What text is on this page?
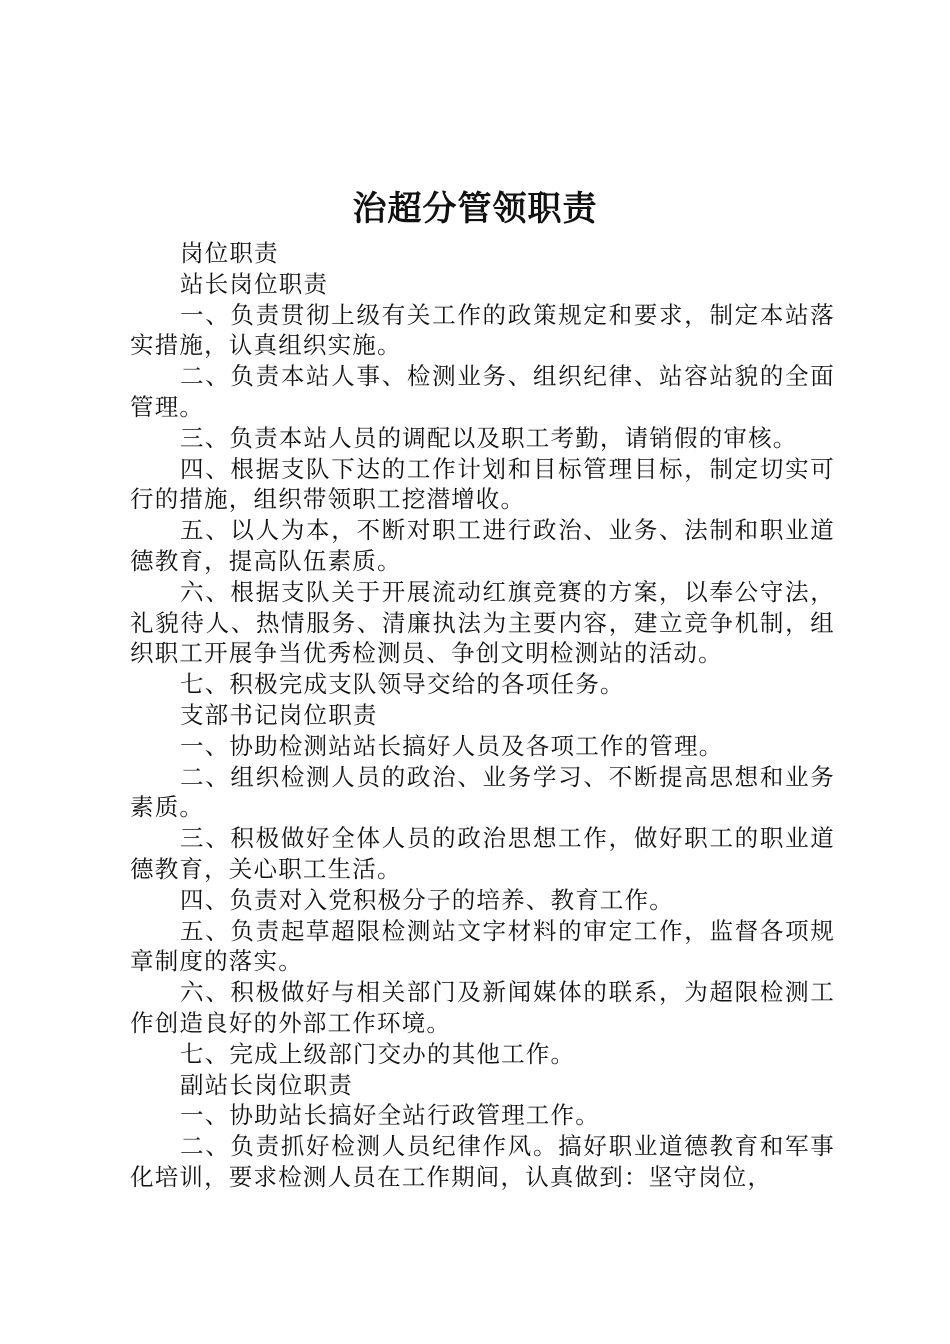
治超分管领职责

岗位职责

站长岗位职责

一、负责贯彻上级有关工作的政策规定和要求，制定本站落实措施，认真组织实施。

二、负责本站人事、检测业务、组织纪律、站容站貌的全面管理。

三、负责本站人员的调配以及职工考勤，请销假的审核。

四、根据支队下达的工作计划和目标管理目标，制定切实可行的措施，组织带领职工挖潜增收。

五、以人为本，不断对职工进行政治、业务、法制和职业道德教育，提高队伍素质。

六、根据支队关于开展流动红旗竞赛的方案，以奉公守法，礼貌待人、热情服务、清廉执法为主要内容，建立竞争机制，组织职工开展争当优秀检测员、争创文明检测站的活动。

七、积极完成支队领导交给的各项任务。

支部书记岗位职责

一、协助检测站站长搞好人员及各项工作的管理。

二、组织检测人员的政治、业务学习、不断提高思想和业务素质。

三、积极做好全体人员的政治思想工作，做好职工的职业道德教育，关心职工生活。

四、负责对入党积极分子的培养、教育工作。

五、负责起草超限检测站文字材料的审定工作，监督各项规章制度的落实。

六、积极做好与相关部门及新闻媒体的联系，为超限检测工作创造良好的外部工作环境。

七、完成上级部门交办的其他工作。

副站长岗位职责

一、协助站长搞好全站行政管理工作。

二、负责抓好检测人员纪律作风。搞好职业道德教育和军事化培训，要求检测人员在工作期间，认真做到：坚守岗位，
